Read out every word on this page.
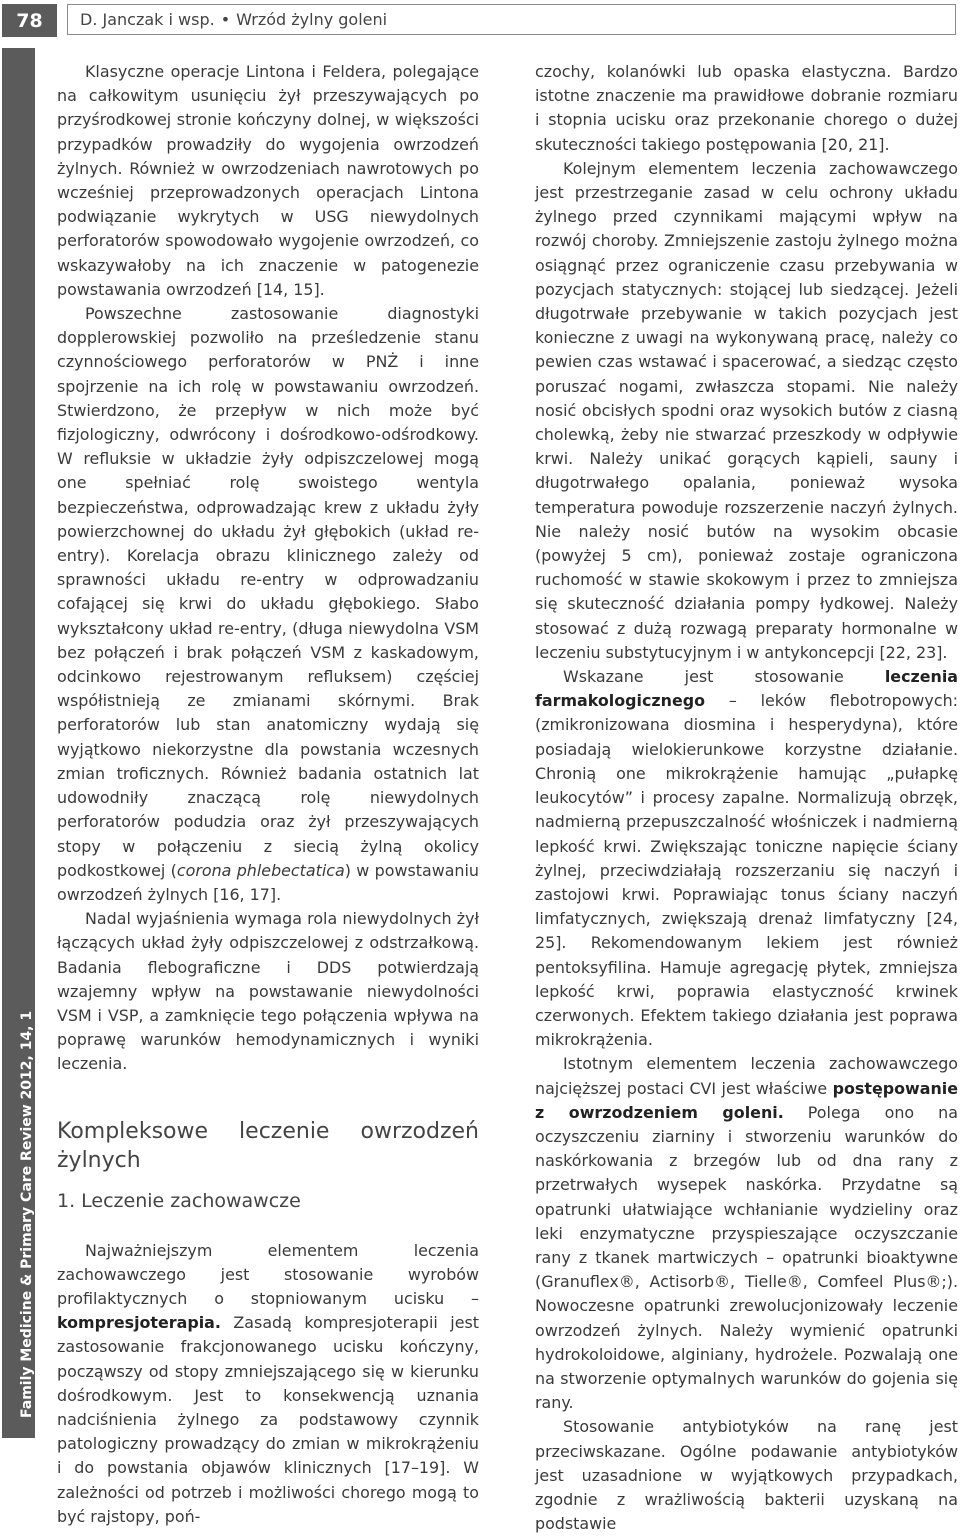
78	D. Janczak i wsp. • Wrzód żylny goleni
Family Medicine & Primary Care Review 2012, 14, 1

Klasyczne operacje Lintona i Feldera, polegające na całkowitym usunięciu żył przeszywających po przyśrodkowej stronie kończyny dolnej, w większości przypadków prowadziły do wygojenia owrzodzeń żylnych. Również w owrzodzeniach nawrotowych po wcześniej przeprowadzonych operacjach Lintona podwiązanie wykrytych w USG niewydolnych perforatorów spowodowało wygojenie owrzodzeń, co wskazywałoby na ich znaczenie w patogenezie powstawania owrzodzeń [14, 15].

Powszechne zastosowanie diagnostyki dopplerowskiej pozwoliło na prześledzenie stanu czynnościowego perforatorów w PNŻ i inne spojrzenie na ich rolę w powstawaniu owrzodzeń. Stwierdzono, że przepływ w nich może być fizjologiczny, odwrócony i dośrodkowo-odśrodkowy. W refluksie w układzie żyły odpiszczelowej mogą one spełniać rolę swoistego wentyla bezpieczeństwa, odprowadzając krew z układu żyły powierzchownej do układu żył głębokich (układ re-entry). Korelacja obrazu klinicznego zależy od sprawności układu re-entry w odprowadzaniu cofającej się krwi do układu głębokiego. Słabo wykształcony układ re-entry, (długa niewydolna VSM bez połączeń i brak połączeń VSM z kaskadowym, odcinkowo rejestrowanym refluksem) częściej współistnieją ze zmianami skórnymi. Brak perforatorów lub stan anatomiczny wydają się wyjątkowo niekorzystne dla powstania wczesnych zmian troficznych. Również badania ostatnich lat udowodniły znaczącą rolę niewydolnych perforatorów podudzia oraz żył przeszywających stopy w połączeniu z siecią żylną okolicy podkostkowej (corona phlebectatica) w powstawaniu owrzodzeń żylnych [16, 17].

Nadal wyjaśnienia wymaga rola niewydolnych żył łączących układ żyły odpiszczelowej z odstrzałkową. Badania flebograficzne i DDS potwierdzają wzajemny wpływ na powstawanie niewydolności VSM i VSP, a zamknięcie tego połączenia wpływa na poprawę warunków hemodynamicznych i wyniki leczenia.

Kompleksowe leczenie owrzodzeń żylnych
1. Leczenie zachowawcze

Najważniejszym elementem leczenia zachowawczego jest stosowanie wyrobów profilaktycznych o stopniowanym ucisku – kompresjoterapia. Zasadą kompresjoterapii jest zastosowanie frakcjonowanego ucisku kończyny, począwszy od stopy zmniejszającego się w kierunku dośrodkowym. Jest to konsekwencją uznania nadciśnienia żylnego za podstawowy czynnik patologiczny prowadzący do zmian w mikrokrążeniu i do powstania objawów klinicznych [17–19]. W zależności od potrzeb i możliwości chorego mogą to być rajstopy, poń-

czochy, kolanówki lub opaska elastyczna. Bardzo istotne znaczenie ma prawidłowe dobranie rozmiaru i stopnia ucisku oraz przekonanie chorego o dużej skuteczności takiego postępowania [20, 21].

Kolejnym elementem leczenia zachowawczego jest przestrzeganie zasad w celu ochrony układu żylnego przed czynnikami mającymi wpływ na rozwój choroby. Zmniejszenie zastoju żylnego można osiągnąć przez ograniczenie czasu przebywania w pozycjach statycznych: stojącej lub siedzącej. Jeżeli długotrwałe przebywanie w takich pozycjach jest konieczne z uwagi na wykonywaną pracę, należy co pewien czas wstawać i spacerować, a siedząc często poruszać nogami, zwłaszcza stopami. Nie należy nosić obcisłych spodni oraz wysokich butów z ciasną cholewką, żeby nie stwarzać przeszkody w odpływie krwi. Należy unikać gorących kąpieli, sauny i długotrwałego opalania, ponieważ wysoka temperatura powoduje rozszerzenie naczyń żylnych. Nie należy nosić butów na wysokim obcasie (powyżej 5 cm), ponieważ zostaje ograniczona ruchomość w stawie skokowym i przez to zmniejsza się skuteczność działania pompy łydkowej. Należy stosować z dużą rozwagą preparaty hormonalne w leczeniu substytucyjnym i w antykoncepcji [22, 23].

Wskazane jest stosowanie leczenia farmakologicznego – leków flebotropowych: (zmikronizowana diosmina i hesperydyna), które posiadają wielokierunkowe korzystne działanie. Chronią one mikrokrążenie hamując „pułapkę leukocytów” i procesy zapalne. Normalizują obrzęk, nadmierną przepuszczalność włośniczek i nadmierną lepkość krwi. Zwiększając toniczne napięcie ściany żylnej, przeciwdziałają rozszerzaniu się naczyń i zastojowi krwi. Poprawiając tonus ściany naczyń limfatycznych, zwiększają drenaż limfatyczny [24, 25]. Rekomendowanym lekiem jest również pentoksyfilina. Hamuje agregację płytek, zmniejsza lepkość krwi, poprawia elastyczność krwinek czerwonych. Efektem takiego działania jest poprawa mikrokrążenia.

Istotnym elementem leczenia zachowawczego najcięższej postaci CVI jest właściwe postępowanie z owrzodzeniem goleni. Polega ono na oczyszczeniu ziarniny i stworzeniu warunków do naskórkowania z brzegów lub od dna rany z przetrwałych wysepek naskórka. Przydatne są opatrunki ułatwiające wchłanianie wydzieliny oraz leki enzymatyczne przyspieszające oczyszczanie rany z tkanek martwiczych – opatrunki bioaktywne (Granuflex®, Actisorb®, Tielle®, Comfeel Plus®;). Nowoczesne opatrunki zrewolucjonizowały leczenie owrzodzeń żylnych. Należy wymienić opatrunki hydrokoloidowe, alginiany, hydrożele. Pozwalają one na stworzenie optymalnych warunków do gojenia się rany.

Stosowanie antybiotyków na ranę jest przeciwskazane. Ogólne podawanie antybiotyków jest uzasadnione w wyjątkowych przypadkach, zgodnie z wrażliwością bakterii uzyskaną na podstawie
